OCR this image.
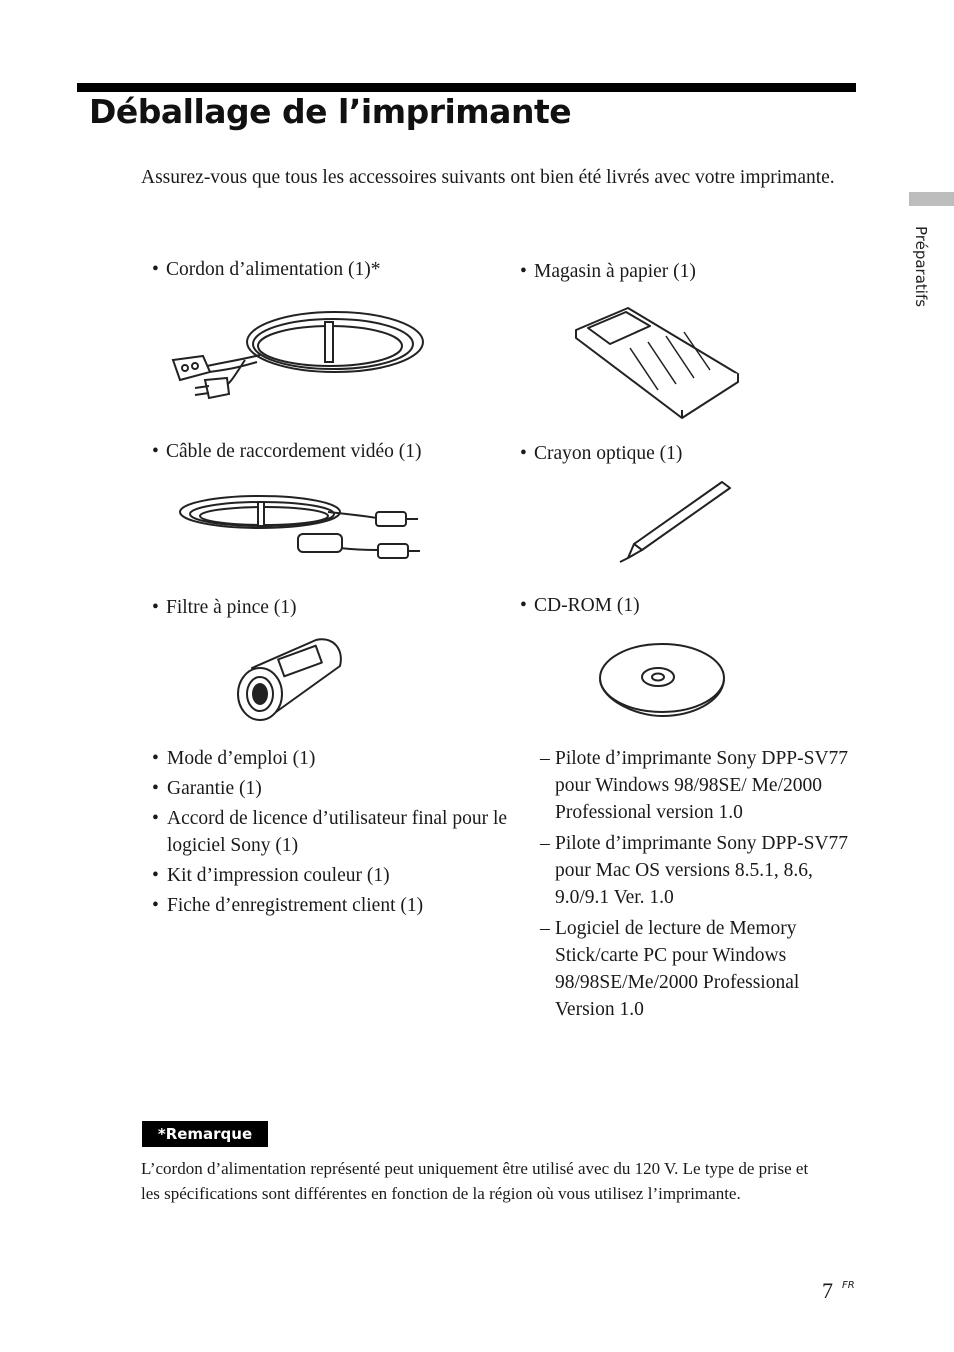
Déballage de l’imprimante

Assurez-vous que tous les accessoires suivants ont bien été livrés avec votre imprimante.

Préparatifs
• Cordon d’alimentation (1)*	• Magasin à papier (1)
• Câble de raccordement vidéo (1)	• Crayon optique (1)
• Filtre à pince (1)	• CD-ROM (1)
• Mode d’emploi (1)
• Garantie (1)
• Accord de licence d’utilisateur final pour le logiciel Sony (1)
• Kit d’impression couleur (1)
• Fiche d’enregistrement client (1)
– Pilote d’imprimante Sony DPP-SV77 pour Windows 98/98SE/ Me/2000 Professional version 1.0
– Pilote d’imprimante Sony DPP-SV77 pour Mac OS versions 8.5.1, 8.6, 9.0/9.1 Ver. 1.0
– Logiciel de lecture de Memory Stick/carte PC pour Windows 98/98SE/Me/2000 Professional Version 1.0
*Remarque

L’cordon d’alimentation représenté peut uniquement être utilisé avec du 120 V. Le type de prise et les spécifications sont différentes en fonction de la région où vous utilisez l’imprimante.

7 FR
